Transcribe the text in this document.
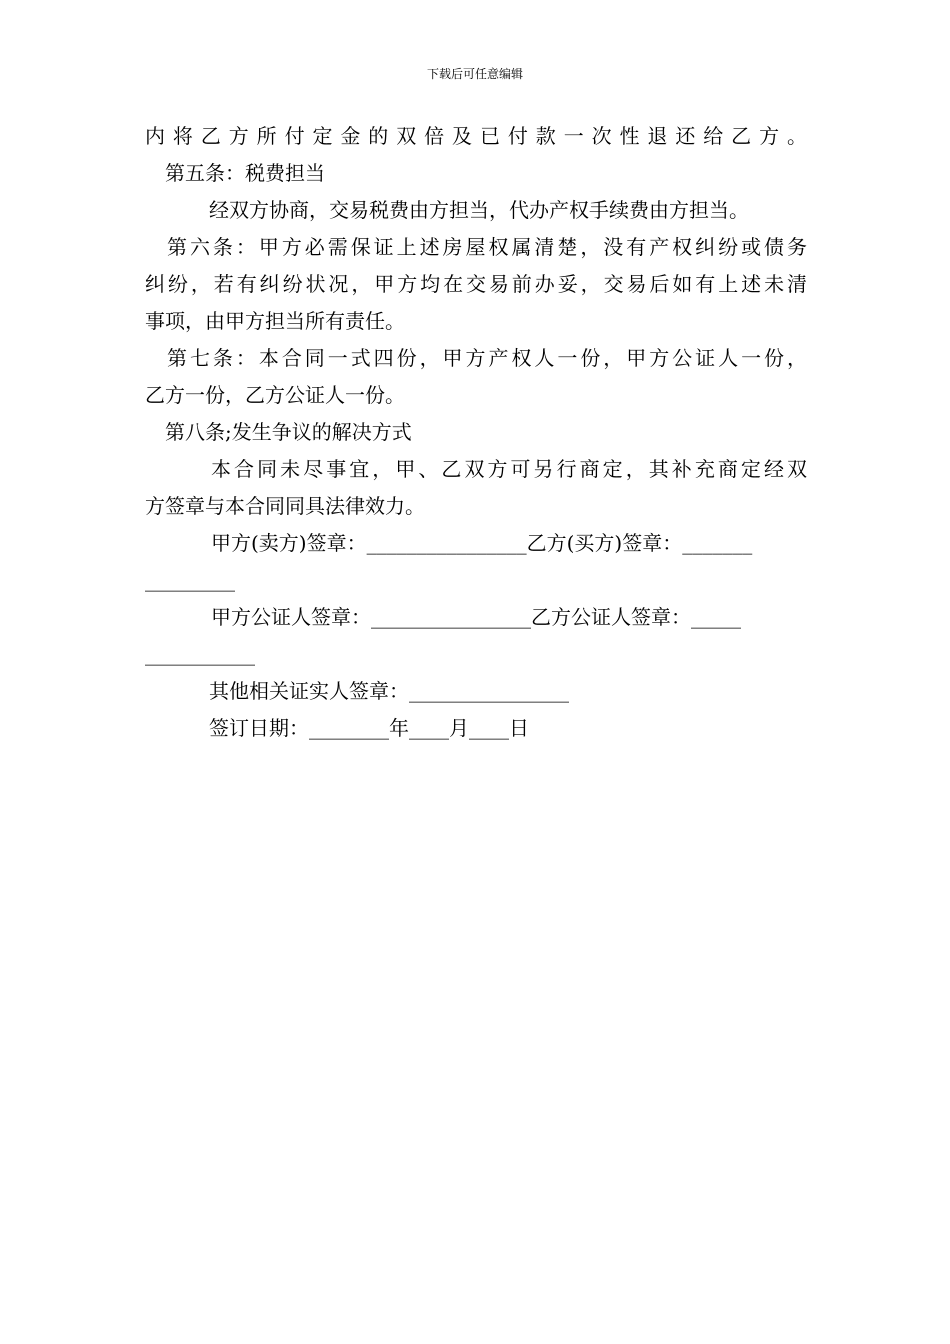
下载后可任意编辑
内将乙方所付定金的双倍及已付款一次性退还给乙方。
第五条：税费担当
经双方协商，交易税费由方担当，代办产权手续费由方担当。
第六条：甲方必需保证上述房屋权属清楚，没有产权纠纷或债务
纠纷，若有纠纷状况，甲方均在交易前办妥，交易后如有上述未清
事项，由甲方担当所有责任。
第七条：本合同一式四份，甲方产权人一份，甲方公证人一份，
乙方一份，乙方公证人一份。
第八条;发生争议的解决方式
本合同未尽事宜，甲、乙双方可另行商定，其补充商定经双
方签章与本合同同具法律效力。
甲方(卖方)签章：________________乙方(买方)签章：_______
_________
甲方公证人签章：________________乙方公证人签章：_____
___________
其他相关证实人签章：________________
签订日期：________年____月____日
